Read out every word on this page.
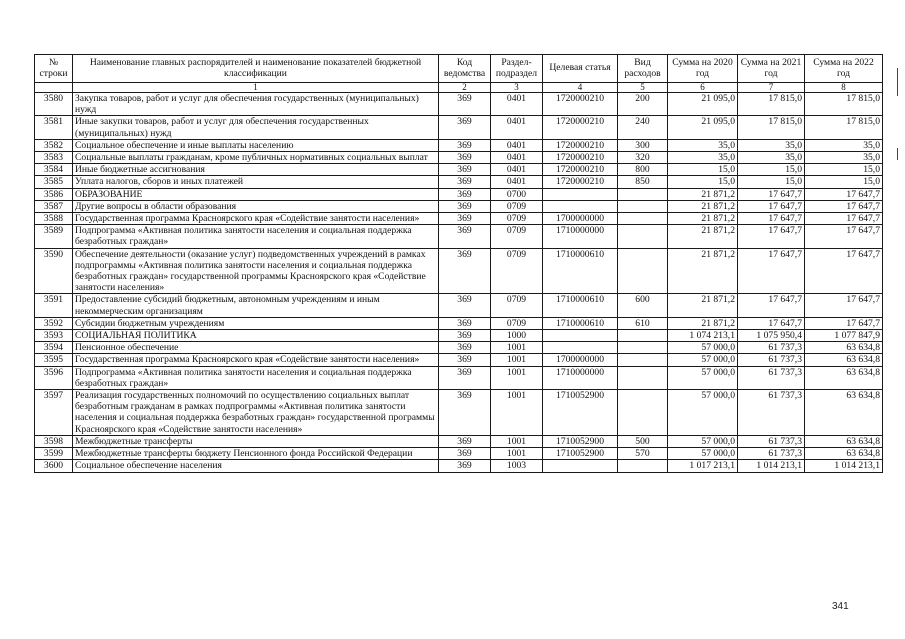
№ строки	Наименование главных распорядителей и наименование показателей бюджетной классификации	Код ведомства	Раздел-подраздел	Целевая статья	Вид расходов	Сумма на 2020 год	Сумма на 2021 год	Сумма на 2022 год
	1	2	3	4	5	6	7	8
3580	Закупка товаров, работ и услуг для обеспечения государственных (муниципальных) нужд	369	0401	1720000210	200	21 095,0	17 815,0	17 815,0
3581	Иные закупки товаров, работ и услуг для обеспечения государственных (муниципальных) нужд	369	0401	1720000210	240	21 095,0	17 815,0	17 815,0
3582	Социальное обеспечение и иные выплаты населению	369	0401	1720000210	300	35,0	35,0	35,0
3583	Социальные выплаты гражданам, кроме публичных нормативных социальных выплат	369	0401	1720000210	320	35,0	35,0	35,0
3584	Иные бюджетные ассигнования	369	0401	1720000210	800	15,0	15,0	15,0
3585	Уплата налогов, сборов и иных платежей	369	0401	1720000210	850	15,0	15,0	15,0
3586	ОБРАЗОВАНИЕ	369	0700			21 871,2	17 647,7	17 647,7
3587	Другие вопросы в области образования	369	0709			21 871,2	17 647,7	17 647,7
3588	Государственная программа Красноярского края «Содействие занятости населения»	369	0709	1700000000		21 871,2	17 647,7	17 647,7
3589	Подпрограмма «Активная политика занятости населения и социальная поддержка безработных граждан»	369	0709	1710000000		21 871,2	17 647,7	17 647,7
3590	Обеспечение деятельности (оказание услуг) подведомственных учреждений в рамках подпрограммы «Активная политика занятости населения и социальная поддержка безработных граждан» государственной программы Красноярского края «Содействие занятости населения»	369	0709	1710000610		21 871,2	17 647,7	17 647,7
3591	Предоставление субсидий бюджетным, автономным учреждениям и иным некоммерческим организациям	369	0709	1710000610	600	21 871,2	17 647,7	17 647,7
3592	Субсидии бюджетным учреждениям	369	0709	1710000610	610	21 871,2	17 647,7	17 647,7
3593	СОЦИАЛЬНАЯ ПОЛИТИКА	369	1000			1 074 213,1	1 075 950,4	1 077 847,9
3594	Пенсионное обеспечение	369	1001			57 000,0	61 737,3	63 634,8
3595	Государственная программа Красноярского края «Содействие занятости населения»	369	1001	1700000000		57 000,0	61 737,3	63 634,8
3596	Подпрограмма «Активная политика занятости населения и социальная поддержка безработных граждан»	369	1001	1710000000		57 000,0	61 737,3	63 634,8
3597	Реализация государственных полномочий по осуществлению социальных выплат безработным гражданам в рамках подпрограммы «Активная политика занятости населения и социальная поддержка безработных граждан» государственной программы Красноярского края «Содействие занятости населения»	369	1001	1710052900		57 000,0	61 737,3	63 634,8
3598	Межбюджетные трансферты	369	1001	1710052900	500	57 000,0	61 737,3	63 634,8
3599	Межбюджетные трансферты бюджету Пенсионного фонда Российской Федерации	369	1001	1710052900	570	57 000,0	61 737,3	63 634,8
3600	Социальное обеспечение населения	369	1003			1 017 213,1	1 014 213,1	1 014 213,1
341
